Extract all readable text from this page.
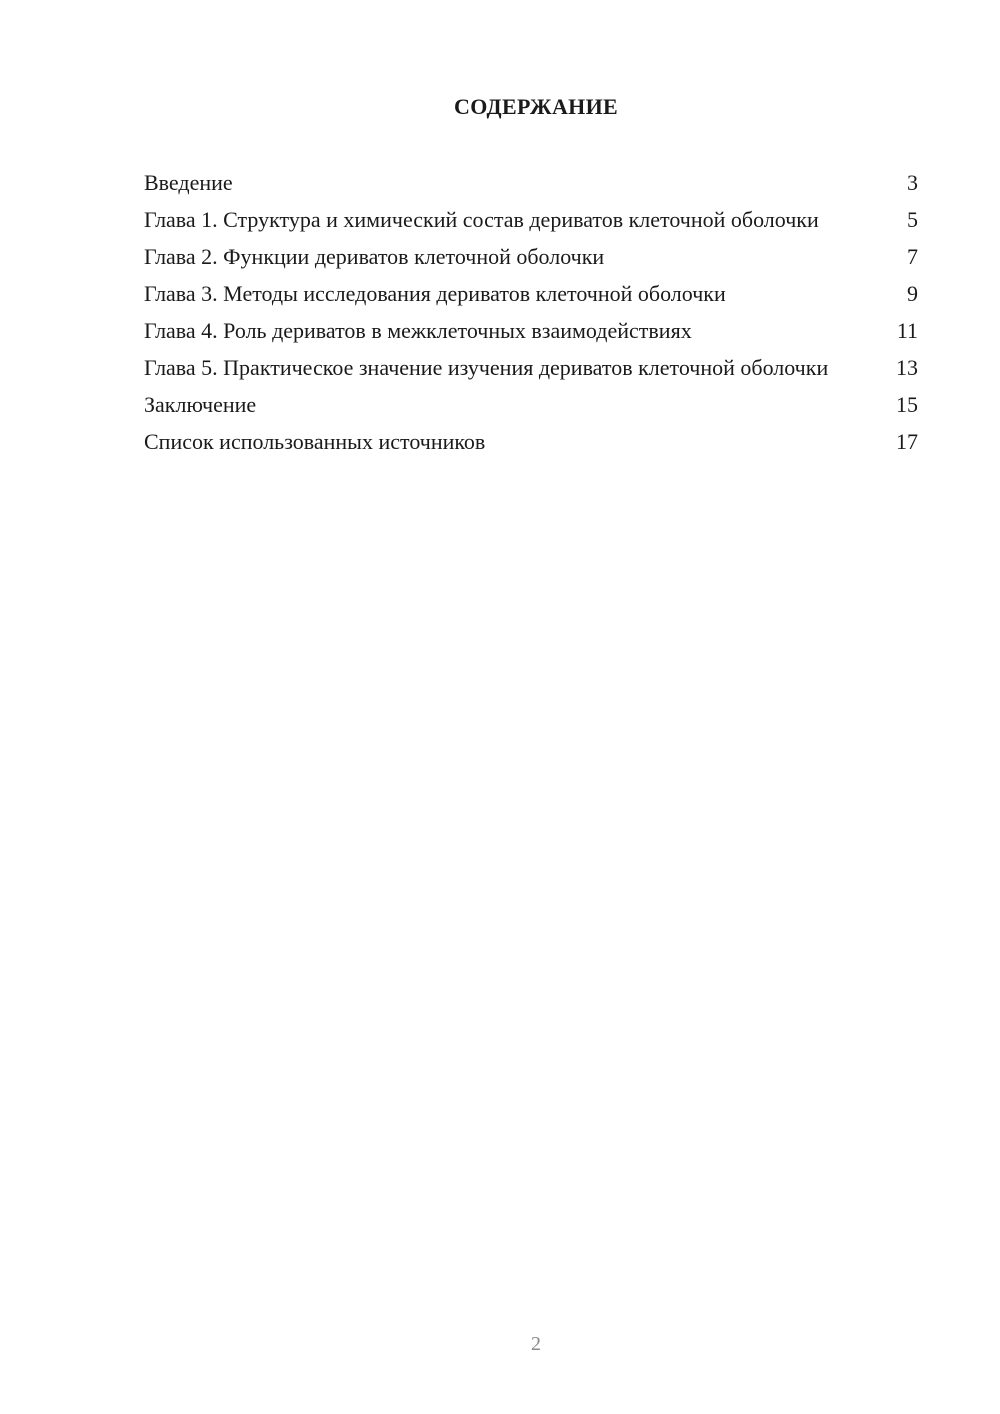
СОДЕРЖАНИЕ
Введение	3
Глава 1. Структура и химический состав дериватов клеточной оболочки	5
Глава 2. Функции дериватов клеточной оболочки	7
Глава 3. Методы исследования дериватов клеточной оболочки	9
Глава 4. Роль дериватов в межклеточных взаимодействиях	11
Глава 5. Практическое значение изучения дериватов клеточной оболочки	13
Заключение	15
Список использованных источников	17
2
